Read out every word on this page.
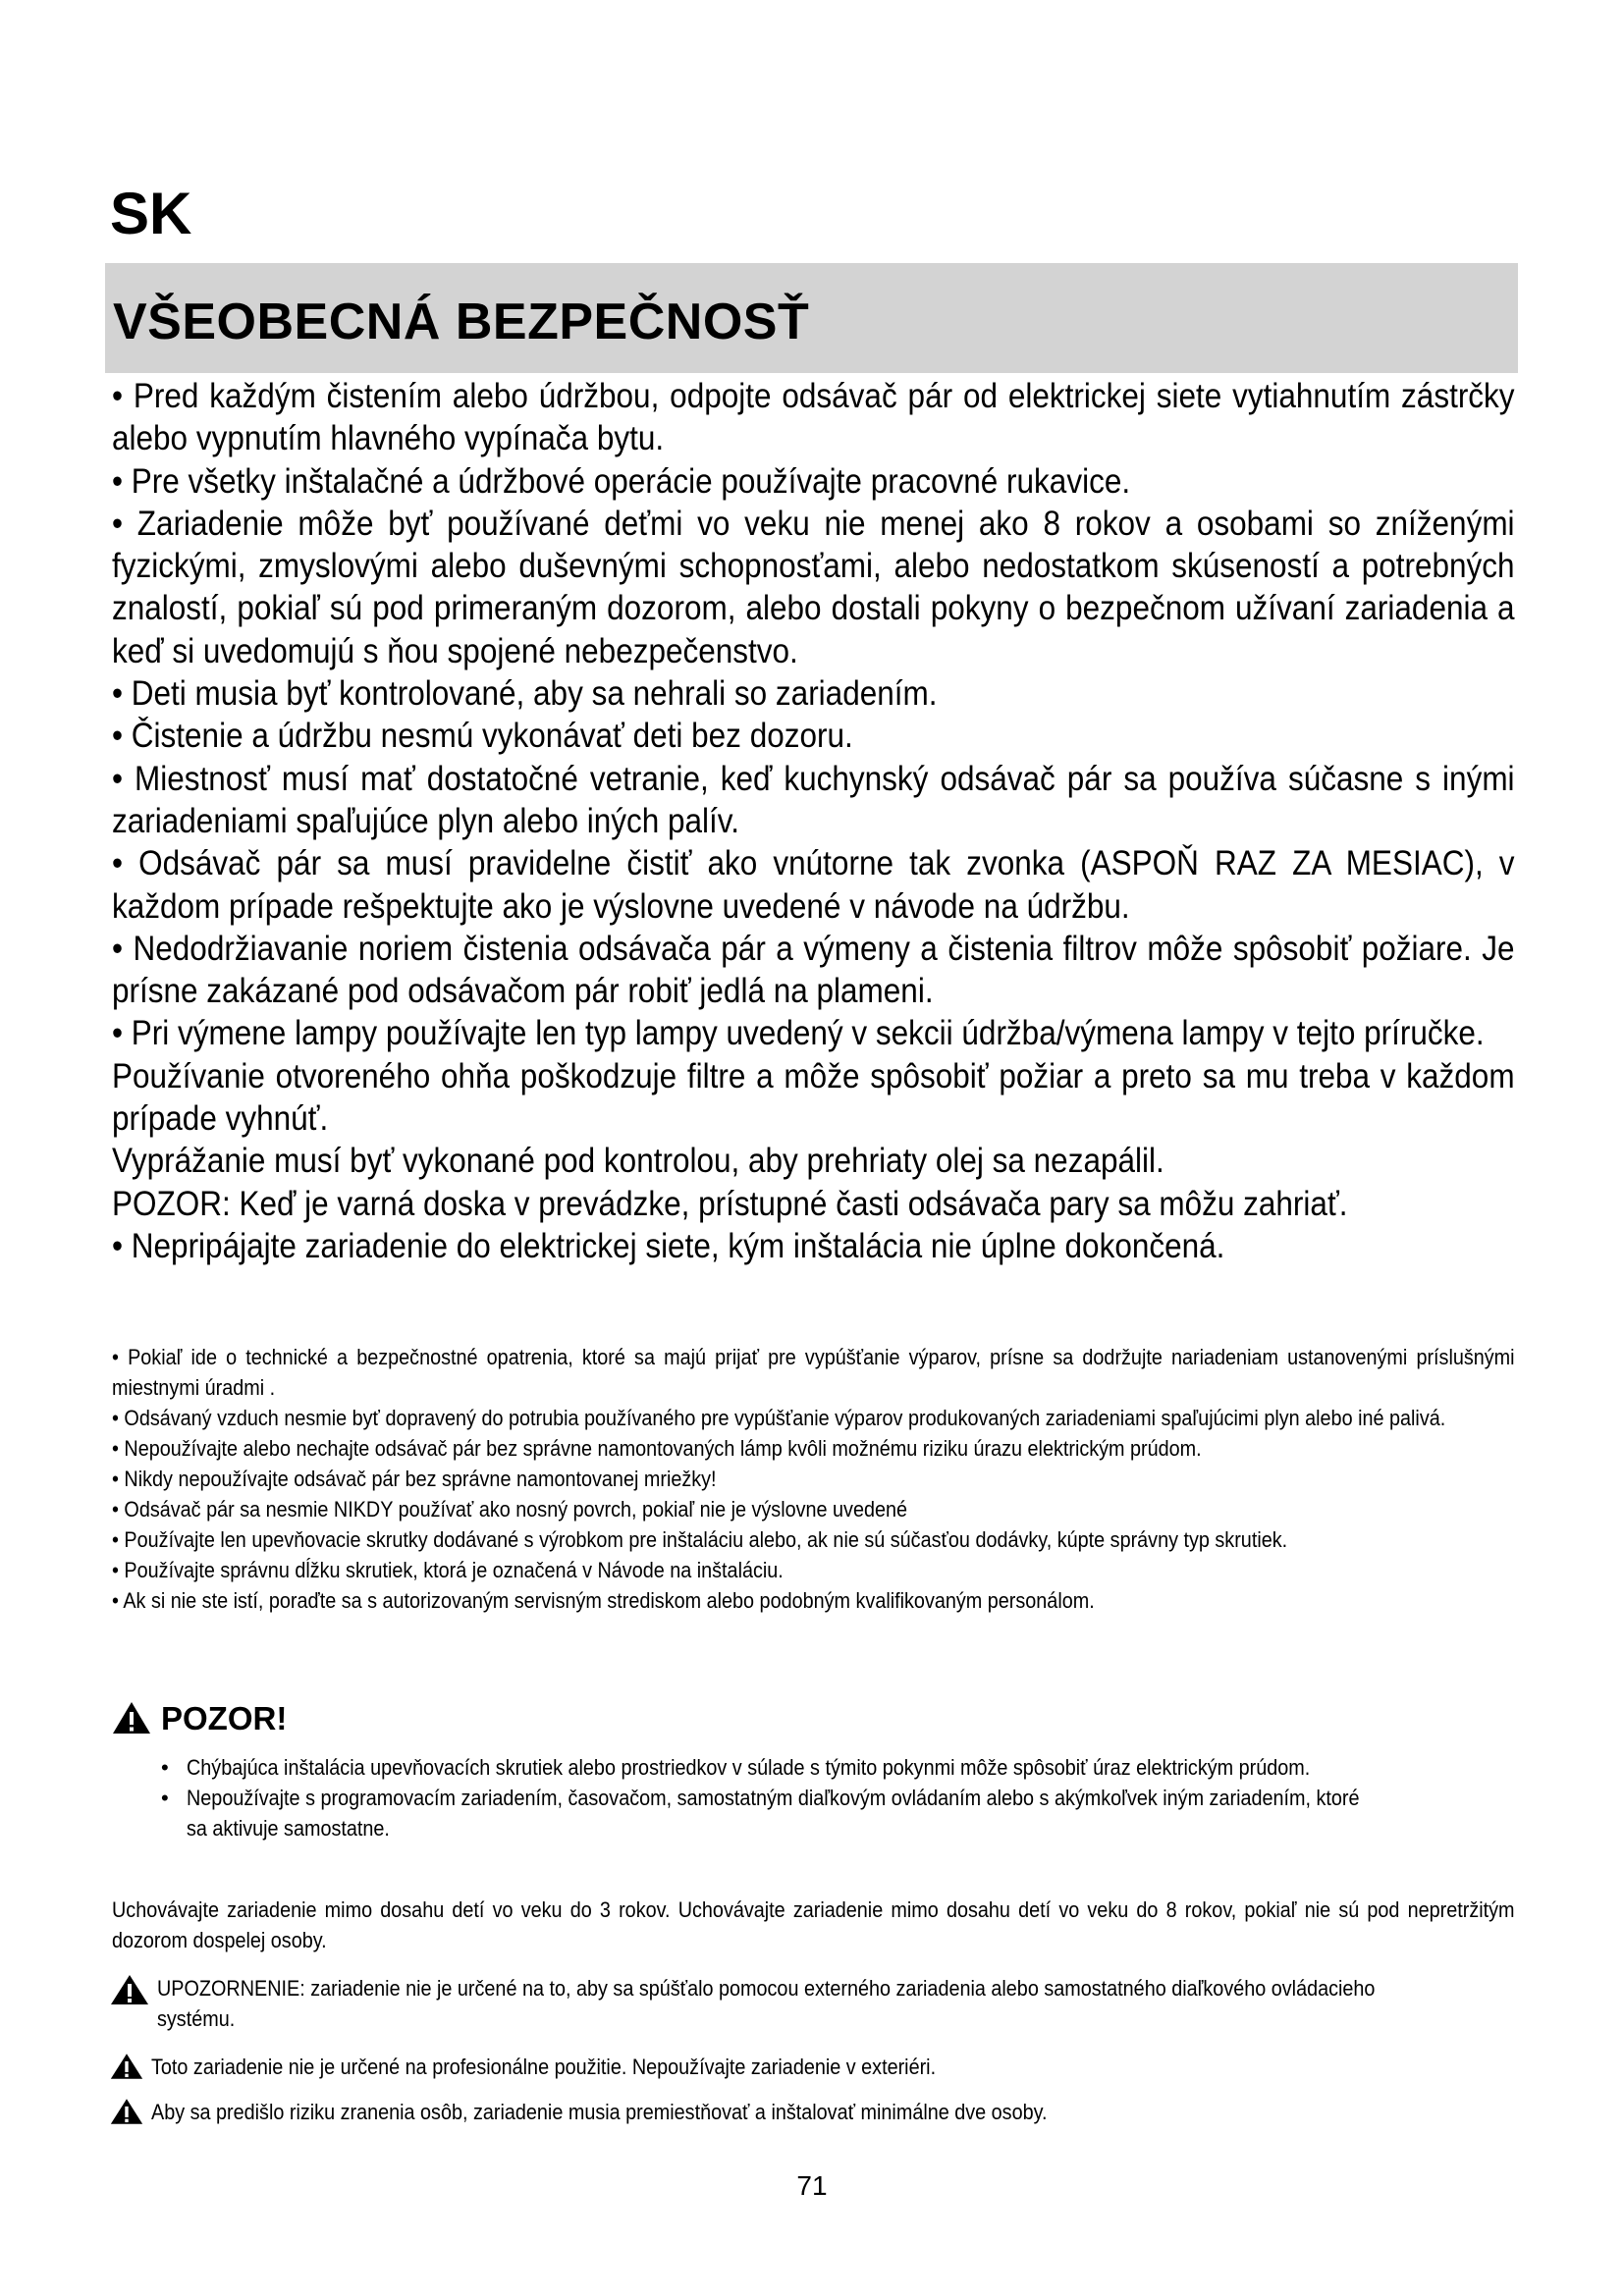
SK
VŠEOBECNÁ BEZPEČNOSŤ

• Pred každým čistením alebo údržbou, odpojte odsávač pár od elektrickej siete vytiahnutím zástrčky alebo vypnutím hlavného vypínača bytu.

• Pre všetky inštalačné a údržbové operácie používajte pracovné rukavice.

• Zariadenie môže byť používané deťmi vo veku nie menej ako 8 rokov a osobami so zníženými fyzickými, zmyslovými alebo duševnými schopnosťami, alebo nedostatkom skúseností a potrebných znalostí, pokiaľ sú pod primeraným dozorom, alebo dostali pokyny o bezpečnom užívaní zariadenia a keď si uvedomujú s ňou spojené nebezpečenstvo.

• Deti musia byť kontrolované, aby sa nehrali so zariadením.

• Čistenie a údržbu nesmú vykonávať deti bez dozoru.

• Miestnosť musí mať dostatočné vetranie, keď kuchynský odsávač pár sa používa súčasne s inými zariadeniami spaľujúce plyn alebo iných palív.

• Odsávač pár sa musí pravidelne čistiť ako vnútorne tak zvonka (ASPOŇ RAZ ZA MESIAC), v každom prípade rešpektujte ako je výslovne uvedené v návode na údržbu.

• Nedodržiavanie noriem čistenia odsávača pár a výmeny a čistenia filtrov môže spôsobiť požiare. Je prísne zakázané pod odsávačom pár robiť jedlá na plameni.

• Pri výmene lampy používajte len typ lampy uvedený v sekcii údržba/výmena lampy v tejto príručke.

Používanie otvoreného ohňa poškodzuje filtre a môže spôsobiť požiar a preto sa mu treba v každom prípade vyhnúť.

Vyprážanie musí byť vykonané pod kontrolou, aby prehriaty olej sa nezapálil.

POZOR: Keď je varná doska v prevádzke, prístupné časti odsávača pary sa môžu zahriať.

• Nepripájajte zariadenie do elektrickej siete, kým inštalácia nie úplne dokončená.

• Pokiaľ ide o technické a bezpečnostné opatrenia, ktoré sa majú prijať pre vypúšťanie výparov, prísne sa dodržujte nariadeniam ustanovenými príslušnými miestnymi úradmi .

• Odsávaný vzduch nesmie byť dopravený do potrubia používaného pre vypúšťanie výparov produkovaných zariadeniami spaľujúcimi plyn alebo iné palivá.

• Nepoužívajte alebo nechajte odsávač pár bez správne namontovaných lámp kvôli možnému riziku úrazu elektrickým prúdom.

• Nikdy nepoužívajte odsávač pár bez správne namontovanej mriežky!

• Odsávač pár sa nesmie NIKDY používať ako nosný povrch, pokiaľ nie je výslovne uvedené

• Používajte len upevňovacie skrutky dodávané s výrobkom pre inštaláciu alebo, ak nie sú súčasťou dodávky, kúpte správny typ skrutiek.

• Používajte správnu dĺžku skrutiek, ktorá je označená v Návode na inštaláciu.

• Ak si nie ste istí, poraďte sa s autorizovaným servisným strediskom alebo podobným kvalifikovaným personálom.

POZOR!
• Chýbajúca inštalácia upevňovacích skrutiek alebo prostriedkov v súlade s týmito pokynmi môže spôsobiť úraz elektrickým prúdom.
• Nepoužívajte s programovacím zariadením, časovačom, samostatným diaľkovým ovládaním alebo s akýmkoľvek iným zariadením, ktoré sa aktivuje samostatne.

Uchovávajte zariadenie mimo dosahu detí vo veku do 3 rokov. Uchovávajte zariadenie mimo dosahu detí vo veku do 8 rokov, pokiaľ nie sú pod nepretržitým dozorom dospelej osoby.

UPOZORNENIE: zariadenie nie je určené na to, aby sa spúšťalo pomocou externého zariadenia alebo samostatného diaľkového ovládacieho systému.
Toto zariadenie nie je určené na profesionálne použitie. Nepoužívajte zariadenie v exteriéri.
Aby sa predišlo riziku zranenia osôb, zariadenie musia premiestňovať a inštalovať minimálne dve osoby.
71
